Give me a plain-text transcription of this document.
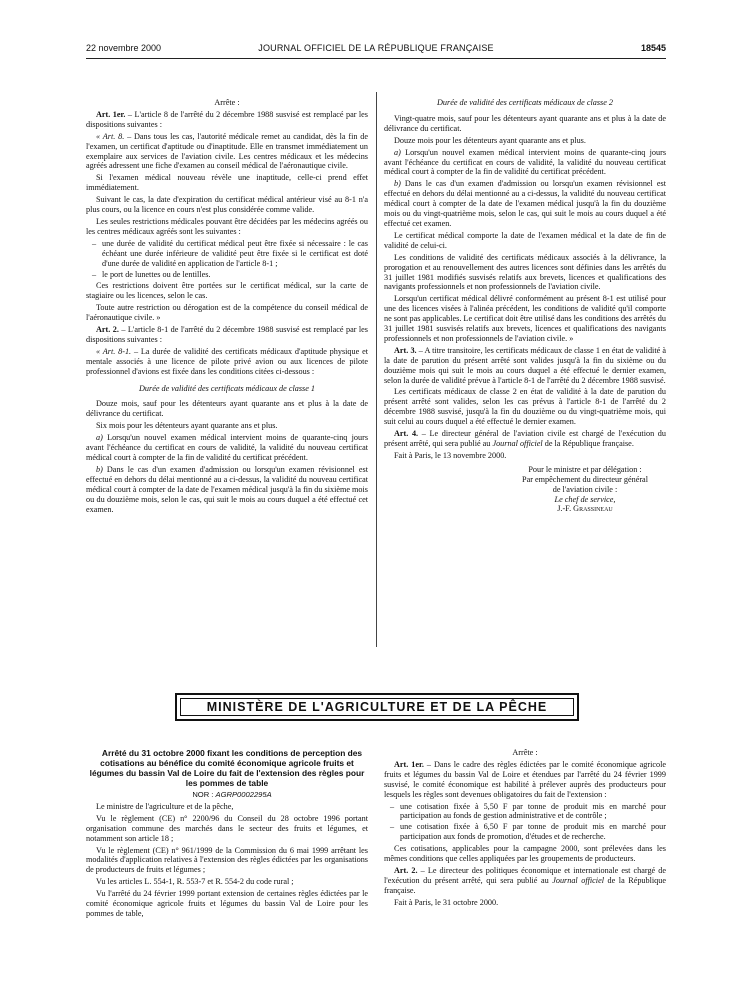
22 novembre 2000	JOURNAL OFFICIEL DE LA RÉPUBLIQUE FRANÇAISE	18545

Arrête :

Art. 1er. – L'article 8 de l'arrêté du 2 décembre 1988 susvisé est remplacé par les dispositions suivantes :

« Art. 8. – Dans tous les cas, l'autorité médicale remet au candidat, dès la fin de l'examen, un certificat d'aptitude ou d'inaptitude. Elle en transmet immédiatement un exemplaire aux services de l'aviation civile. Les centres médicaux et les médecins agréés adressent une fiche d'examen au conseil médical de l'aéronautique civile.

Si l'examen médical nouveau révèle une inaptitude, celle-ci prend effet immédiatement.

Suivant le cas, la date d'expiration du certificat médical antérieur visé au 8-1 n'a plus cours, ou la licence en cours n'est plus considérée comme valide.

Les seules restrictions médicales pouvant être décidées par les médecins agréés ou les centres médicaux agréés sont les suivantes :

– une durée de validité du certificat médical peut être fixée si nécessaire : le cas échéant une durée inférieure de validité peut être fixée si le certificat est doté d'une durée de validité en application de l'article 8-1 ;
– le port de lunettes ou de lentilles.

Ces restrictions doivent être portées sur le certificat médical, sur la carte de stagiaire ou les licences, selon le cas.

Toute autre restriction ou dérogation est de la compétence du conseil médical de l'aéronautique civile. »

Art. 2. – L'article 8-1 de l'arrêté du 2 décembre 1988 susvisé est remplacé par les dispositions suivantes :

« Art. 8-1. – La durée de validité des certificats médicaux d'aptitude physique et mentale associés à une licence de pilote privé avion ou aux licences de pilote professionnel d'avions est fixée dans les conditions citées ci-dessous :

Durée de validité des certificats médicaux de classe 1

Douze mois, sauf pour les détenteurs ayant quarante ans et plus à la date de délivrance du certificat.

Six mois pour les détenteurs ayant quarante ans et plus.

a) Lorsqu'un nouvel examen médical intervient moins de quarante-cinq jours avant l'échéance du certificat en cours de validité, la validité du nouveau certificat médical court à compter de la fin de validité du certificat précédent.

b) Dans le cas d'un examen d'admission ou lorsqu'un examen révisionnel est effectué en dehors du délai mentionné au a ci-dessus, la validité du nouveau certificat médical court à compter de la date de l'examen médical jusqu'à la fin du sixième mois ou du douzième mois, selon le cas, qui suit le mois au cours duquel a été effectué cet examen.

Durée de validité des certificats médicaux de classe 2

Vingt-quatre mois, sauf pour les détenteurs ayant quarante ans et plus à la date de délivrance du certificat.

Douze mois pour les détenteurs ayant quarante ans et plus.

a) Lorsqu'un nouvel examen médical intervient moins de quarante-cinq jours avant l'échéance du certificat en cours de validité, la validité du nouveau certificat médical court à compter de la fin de validité du certificat précédent.

b) Dans le cas d'un examen d'admission ou lorsqu'un examen révisionnel est effectué en dehors du délai mentionné au a ci-dessus, la validité du nouveau certificat médical court à compter de la date de l'examen médical jusqu'à la fin du douzième mois ou du vingt-quatrième mois, selon le cas, qui suit le mois au cours duquel a été effectué cet examen.

Le certificat médical comporte la date de l'examen médical et la date de fin de validité de celui-ci.

Les conditions de validité des certificats médicaux associés à la délivrance, la prorogation et au renouvellement des autres licences sont définies dans les arrêtés du 31 juillet 1981 modifiés susvisés relatifs aux brevets, licences et qualifications des navigants professionnels et non professionnels de l'aviation civile.

Lorsqu'un certificat médical délivré conformément au présent 8-1 est utilisé pour une des licences visées à l'alinéa précédent, les conditions de validité qu'il comporte ne sont pas applicables. Le certificat doit être utilisé dans les conditions des arrêtés du 31 juillet 1981 susvisés relatifs aux brevets, licences et qualifications des navigants professionnels et non professionnels de l'aviation civile. »

Art. 3. – A titre transitoire, les certificats médicaux de classe 1 en état de validité à la date de parution du présent arrêté sont valides jusqu'à la fin du sixième ou du douzième mois qui suit le mois au cours duquel a été effectué le dernier examen, selon la durée de validité prévue à l'article 8-1 de l'arrêté du 2 décembre 1988 susvisé.

Les certificats médicaux de classe 2 en état de validité à la date de parution du présent arrêté sont valides, selon les cas prévus à l'article 8-1 de l'arrêté du 2 décembre 1988 susvisé, jusqu'à la fin du douzième ou du vingt-quatrième mois, qui suit celui au cours duquel a été effectué le dernier examen.

Art. 4. – Le directeur général de l'aviation civile est chargé de l'exécution du présent arrêté, qui sera publié au Journal officiel de la République française.

Fait à Paris, le 13 novembre 2000.

Pour le ministre et par délégation :
Par empêchement du directeur général
de l'aviation civile :
Le chef de service,
J.-F. Grassineau
MINISTÈRE DE L'AGRICULTURE ET DE LA PÊCHE

Arrêté du 31 octobre 2000 fixant les conditions de perception des cotisations au bénéfice du comité économique agricole fruits et légumes du bassin Val de Loire du fait de l'extension des règles pour les pommes de table

NOR : AGRP0002295A

Le ministre de l'agriculture et de la pêche,

Vu le règlement (CE) n° 2200/96 du Conseil du 28 octobre 1996 portant organisation commune des marchés dans le secteur des fruits et légumes, et notamment son article 18 ;

Vu le règlement (CE) n° 961/1999 de la Commission du 6 mai 1999 arrêtant les modalités d'application relatives à l'extension des règles édictées par les organisations de producteurs de fruits et légumes ;

Vu les articles L. 554-1, R. 553-7 et R. 554-2 du code rural ;

Vu l'arrêté du 24 février 1999 portant extension de certaines règles édictées par le comité économique agricole fruits et légumes du bassin Val de Loire pour les pommes de table,

Arrête :

Art. 1er. – Dans le cadre des règles édictées par le comité économique agricole fruits et légumes du bassin Val de Loire et étendues par l'arrêté du 24 février 1999 susvisé, le comité économique est habilité à prélever auprès des producteurs pour lesquels les règles sont devenues obligatoires du fait de l'extension :

– une cotisation fixée à 5,50 F par tonne de produit mis en marché pour participation au fonds de gestion administrative et de contrôle ;
– une cotisation fixée à 6,50 F par tonne de produit mis en marché pour participation aux fonds de promotion, d'études et de recherche.

Ces cotisations, applicables pour la campagne 2000, sont prélevées dans les mêmes conditions que celles appliquées par les groupements de producteurs.

Art. 2. – Le directeur des politiques économique et internationale est chargé de l'exécution du présent arrêté, qui sera publié au Journal officiel de la République française.

Fait à Paris, le 31 octobre 2000.
